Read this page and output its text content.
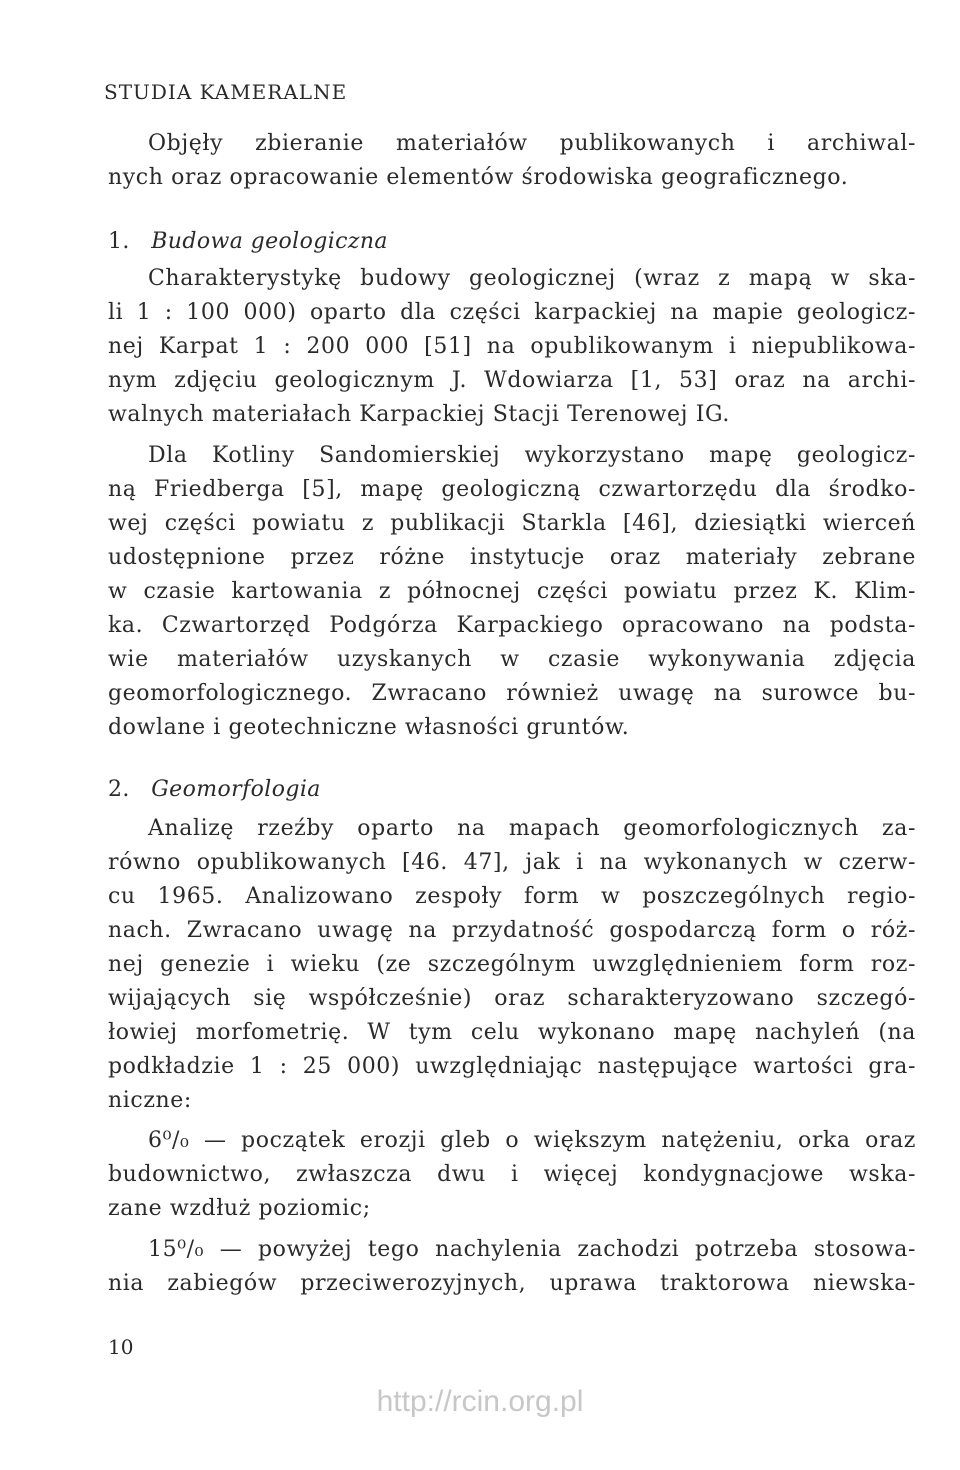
STUDIA KAMERALNE
Objęły zbieranie materiałów publikowanych i archiwal-
nych oraz opracowanie elementów środowiska geograficznego.
1. Budowa geologiczna
Charakterystykę budowy geologicznej (wraz z mapą w ska-
li 1 : 100 000) oparto dla części karpackiej na mapie geologicz-
nej Karpat 1 : 200 000 [51] na opublikowanym i niepublikowa-
nym zdjęciu geologicznym J. Wdowiarza [1, 53] oraz na archi-
walnych materiałach Karpackiej Stacji Terenowej IG.
Dla Kotliny Sandomierskiej wykorzystano mapę geologicz-
ną Friedberga [5], mapę geologiczną czwartorzędu dla środko-
wej części powiatu z publikacji Starkla [46], dziesiątki wierceń
udostępnione przez różne instytucje oraz materiały zebrane
w czasie kartowania z północnej części powiatu przez K. Klim-
ka. Czwartorzęd Podgórza Karpackiego opracowano na podsta-
wie materiałów uzyskanych w czasie wykonywania zdjęcia
geomorfologicznego. Zwracano również uwagę na surowce bu-
dowlane i geotechniczne własności gruntów.
2. Geomorfologia
Analizę rzeźby oparto na mapach geomorfologicznych za-
równo opublikowanych [46. 47], jak i na wykonanych w czerw-
cu 1965. Analizowano zespoły form w poszczególnych regio-
nach. Zwracano uwagę na przydatność gospodarczą form o róż-
nej genezie i wieku (ze szczególnym uwzględnieniem form roz-
wijających się współcześnie) oraz scharakteryzowano szczegó-
łowiej morfometrię. W tym celu wykonano mapę nachyleń (na
podkładzie 1 : 25 000) uwzględniając następujące wartości gra-
niczne:
6⁰/₀ — początek erozji gleb o większym natężeniu, orka oraz
budownictwo, zwłaszcza dwu i więcej kondygnacjowe wska-
zane wzdłuż poziomic;
15⁰/₀ — powyżej tego nachylenia zachodzi potrzeba stosowa-
nia zabiegów przeciwerozyjnych, uprawa traktorowa niewska-
10
http://rcin.org.pl
